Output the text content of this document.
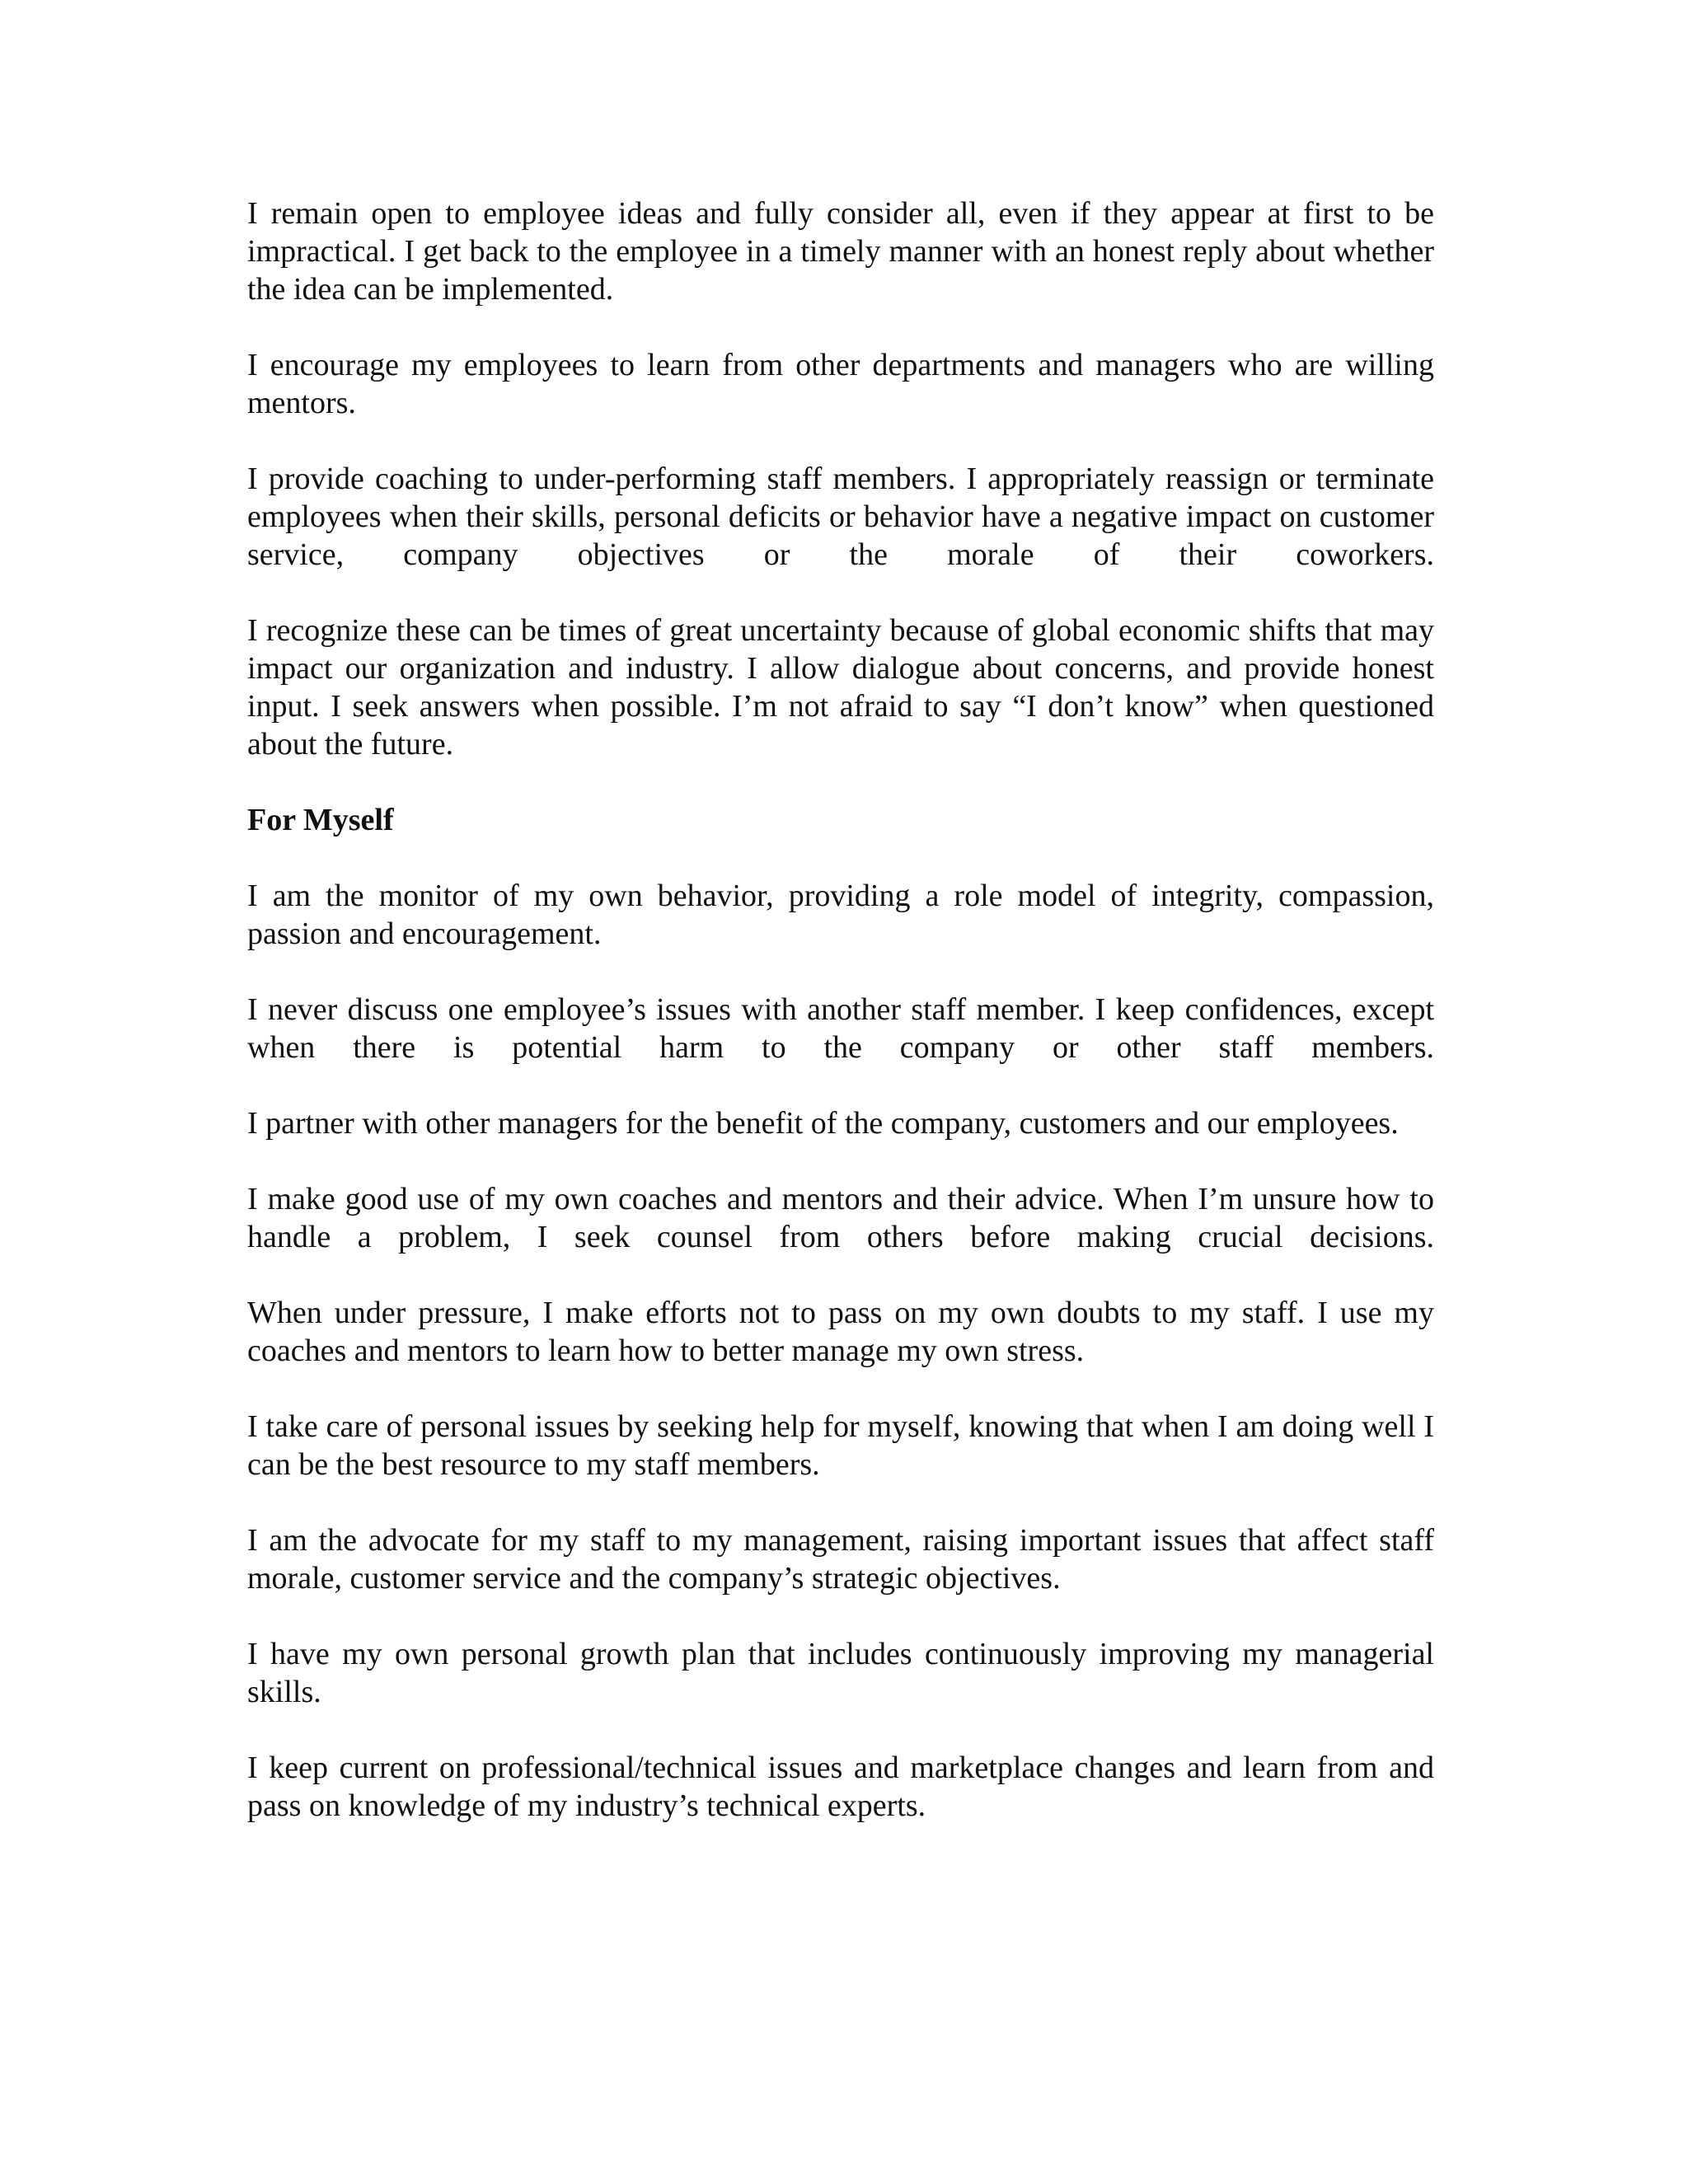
I remain open to employee ideas and fully consider all, even if they appear at first to be impractical. I get back to the employee in a timely manner with an honest reply about whether the idea can be implemented.

I encourage my employees to learn from other departments and managers who are willing mentors.

I provide coaching to under-performing staff members. I appropriately reassign or terminate employees when their skills, personal deficits or behavior have a negative impact on customer service, company objectives or the morale of their coworkers.

I recognize these can be times of great uncertainty because of global economic shifts that may impact our organization and industry. I allow dialogue about concerns, and provide honest input. I seek answers when possible. I’m not afraid to say “I don’t know” when questioned about the future.

For Myself

I am the monitor of my own behavior, providing a role model of integrity, compassion, passion and encouragement.

I never discuss one employee’s issues with another staff member. I keep confidences, except when there is potential harm to the company or other staff members.

I partner with other managers for the benefit of the company, customers and our employees.

I make good use of my own coaches and mentors and their advice. When I’m unsure how to handle a problem, I seek counsel from others before making crucial decisions.

When under pressure, I make efforts not to pass on my own doubts to my staff. I use my coaches and mentors to learn how to better manage my own stress.

I take care of personal issues by seeking help for myself, knowing that when I am doing well I can be the best resource to my staff members.

I am the advocate for my staff to my management, raising important issues that affect staff morale, customer service and the company’s strategic objectives.

I have my own personal growth plan that includes continuously improving my managerial skills.

I keep current on professional/technical issues and marketplace changes and learn from and pass on knowledge of my industry’s technical experts.
